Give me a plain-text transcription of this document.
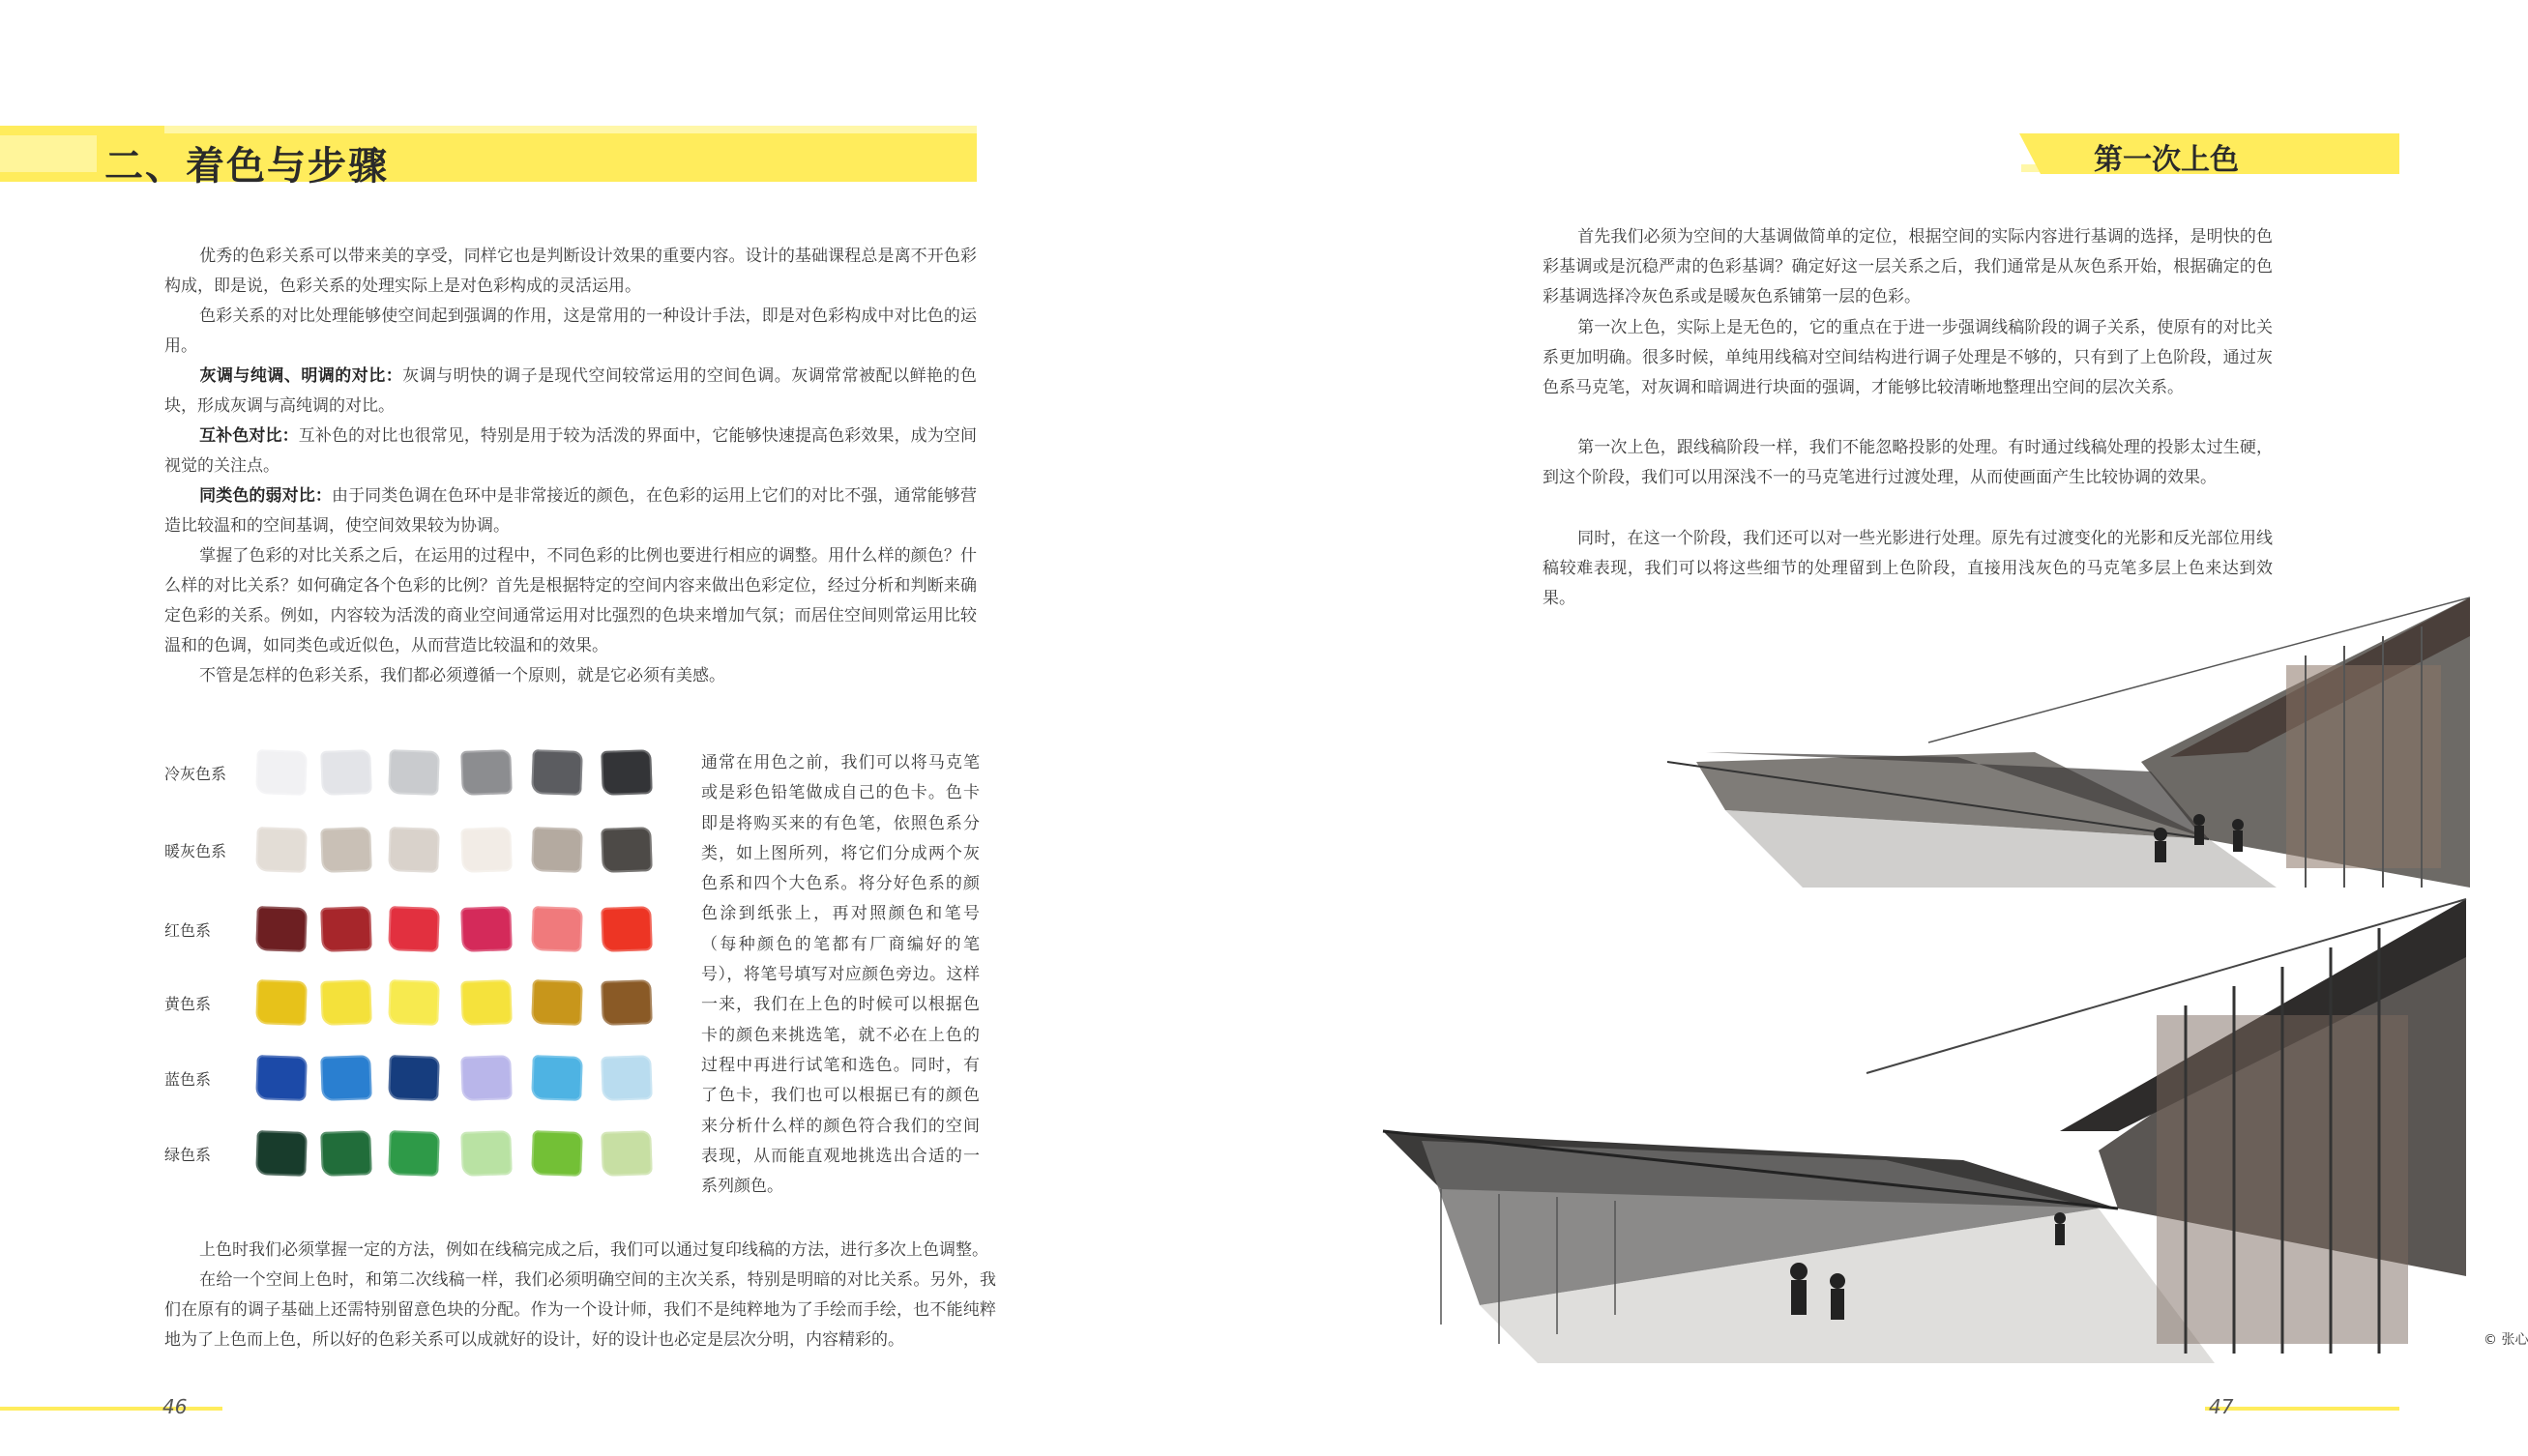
二、着色与步骤

优秀的色彩关系可以带来美的享受，同样它也是判断设计效果的重要内容。设计的基础课程总是离不开色彩构成，即是说，色彩关系的处理实际上是对色彩构成的灵活运用。

色彩关系的对比处理能够使空间起到强调的作用，这是常用的一种设计手法，即是对色彩构成中对比色的运用。

灰调与纯调、明调的对比：灰调与明快的调子是现代空间较常运用的空间色调。灰调常常被配以鲜艳的色块，形成灰调与高纯调的对比。

互补色对比：互补色的对比也很常见，特别是用于较为活泼的界面中，它能够快速提高色彩效果，成为空间视觉的关注点。

同类色的弱对比：由于同类色调在色环中是非常接近的颜色，在色彩的运用上它们的对比不强，通常能够营造比较温和的空间基调，使空间效果较为协调。

掌握了色彩的对比关系之后，在运用的过程中，不同色彩的比例也要进行相应的调整。用什么样的颜色？什么样的对比关系？如何确定各个色彩的比例？首先是根据特定的空间内容来做出色彩定位，经过分析和判断来确定色彩的关系。例如，内容较为活泼的商业空间通常运用对比强烈的色块来增加气氛；而居住空间则常运用比较温和的色调，如同类色或近似色，从而营造比较温和的效果。

不管是怎样的色彩关系，我们都必须遵循一个原则，就是它必须有美感。

冷灰色系
暖灰色系
红色系
黄色系
蓝色系
绿色系

通常在用色之前，我们可以将马克笔或是彩色铅笔做成自己的色卡。色卡即是将购买来的有色笔，依照色系分类，如上图所列，将它们分成两个灰色系和四个大色系。将分好色系的颜色涂到纸张上，再对照颜色和笔号（每种颜色的笔都有厂商编好的笔号），将笔号填写对应颜色旁边。这样一来，我们在上色的时候可以根据色卡的颜色来挑选笔，就不必在上色的过程中再进行试笔和选色。同时，有了色卡，我们也可以根据已有的颜色来分析什么样的颜色符合我们的空间表现，从而能直观地挑选出合适的一系列颜色。

上色时我们必须掌握一定的方法，例如在线稿完成之后，我们可以通过复印线稿的方法，进行多次上色调整。

在给一个空间上色时，和第二次线稿一样，我们必须明确空间的主次关系，特别是明暗的对比关系。另外，我们在原有的调子基础上还需特别留意色块的分配。作为一个设计师，我们不是纯粹地为了手绘而手绘，也不能纯粹地为了上色而上色，所以好的色彩关系可以成就好的设计，好的设计也必定是层次分明，内容精彩的。

46
第一次上色

首先我们必须为空间的大基调做简单的定位，根据空间的实际内容进行基调的选择，是明快的色彩基调或是沉稳严肃的色彩基调？确定好这一层关系之后，我们通常是从灰色系开始，根据确定的色彩基调选择冷灰色系或是暖灰色系铺第一层的色彩。

第一次上色，实际上是无色的，它的重点在于进一步强调线稿阶段的调子关系，使原有的对比关系更加明确。很多时候，单纯用线稿对空间结构进行调子处理是不够的，只有到了上色阶段，通过灰色系马克笔，对灰调和暗调进行块面的强调，才能够比较清晰地整理出空间的层次关系。

第一次上色，跟线稿阶段一样，我们不能忽略投影的处理。有时通过线稿处理的投影太过生硬，到这个阶段，我们可以用深浅不一的马克笔进行过渡处理，从而使画面产生比较协调的效果。

同时，在这一个阶段，我们还可以对一些光影进行处理。原先有过渡变化的光影和反光部位用线稿较难表现，我们可以将这些细节的处理留到上色阶段，直接用浅灰色的马克笔多层上色来达到效果。

© 张心
47
